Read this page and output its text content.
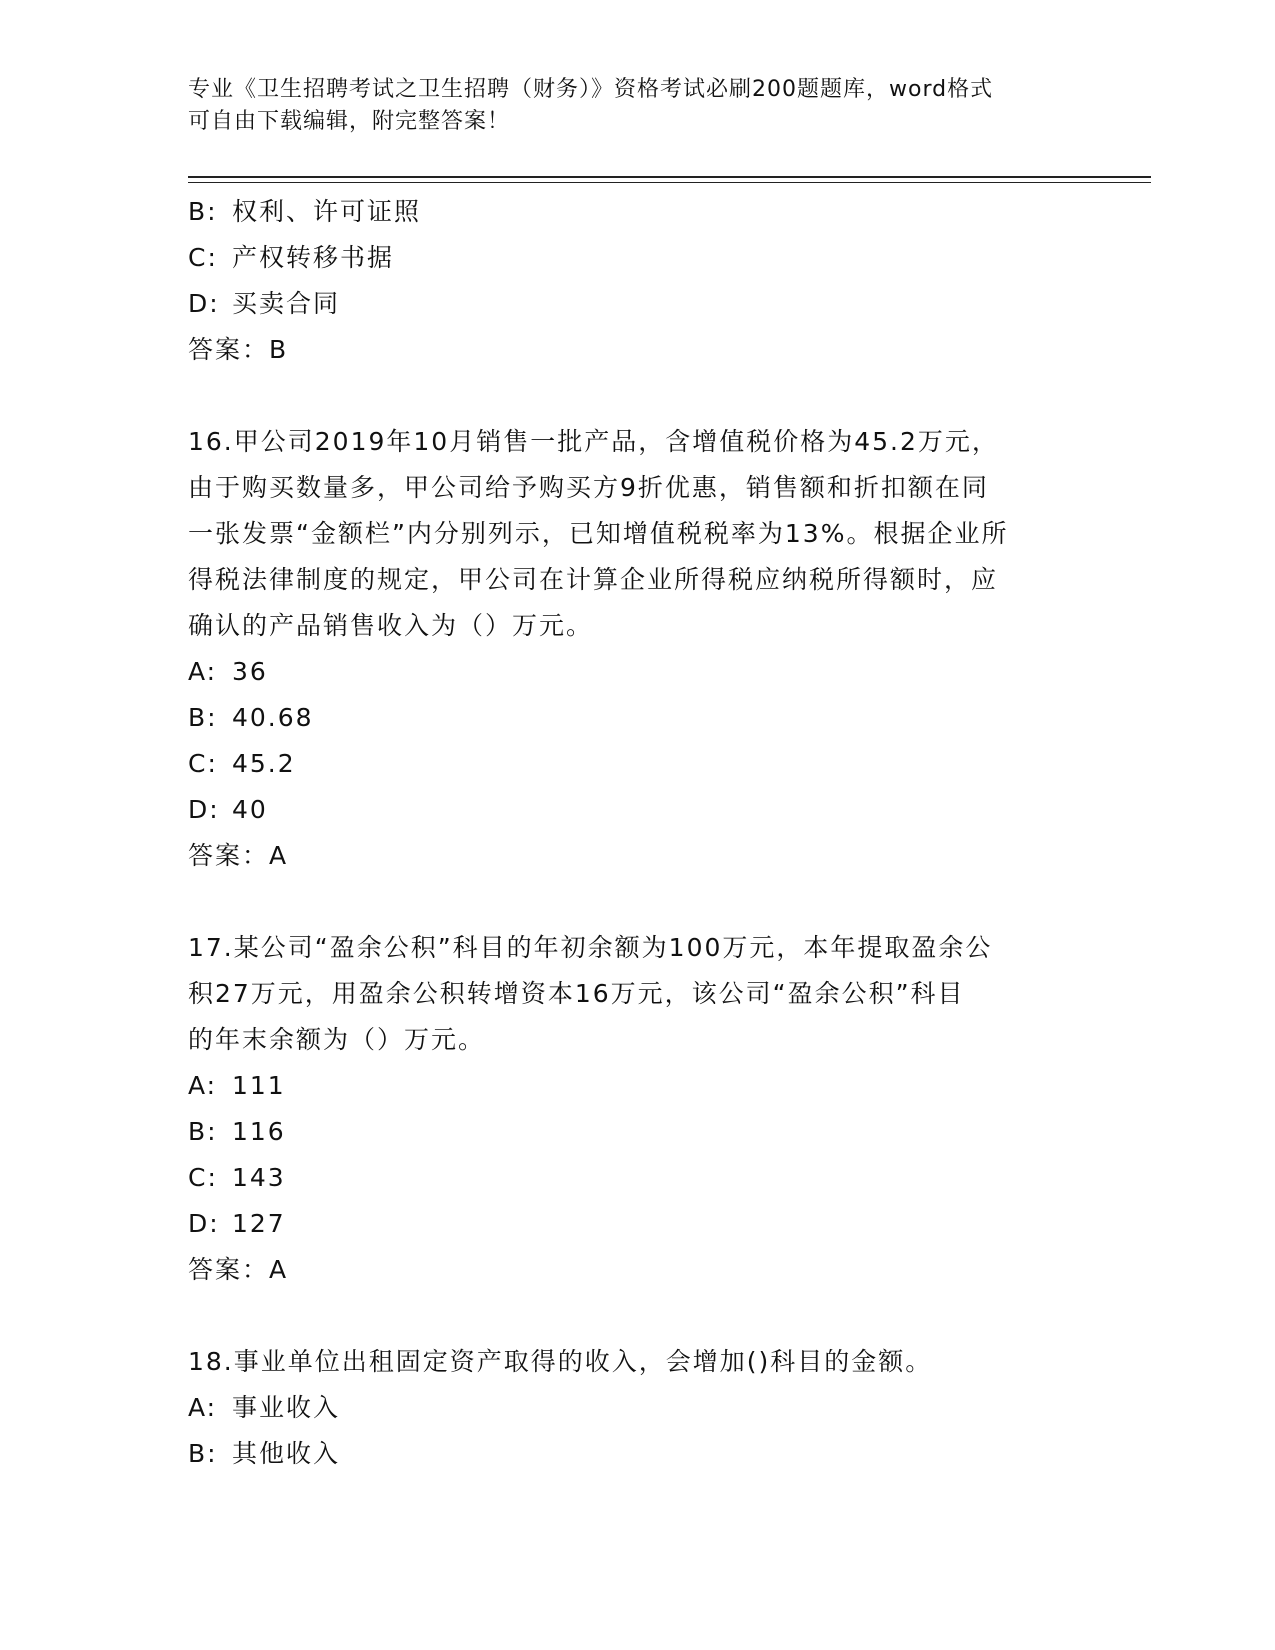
专业《卫生招聘考试之卫生招聘（财务）》资格考试必刷200题题库，word格式
可自由下载编辑，附完整答案！
B: 权利、许可证照
C: 产权转移书据
D: 买卖合同
答案：B
16.甲公司2019年10月销售一批产品，含增值税价格为45.2万元，
由于购买数量多，甲公司给予购买方9折优惠，销售额和折扣额在同
一张发票“金额栏”内分别列示，已知增值税税率为13%。根据企业所
得税法律制度的规定，甲公司在计算企业所得税应纳税所得额时，应
确认的产品销售收入为（）万元。
A: 36
B: 40.68
C: 45.2
D: 40
答案：A
17.某公司“盈余公积”科目的年初余额为100万元，本年提取盈余公
积27万元，用盈余公积转增资本16万元，该公司“盈余公积”科目
的年末余额为（）万元。
A: 111
B: 116
C: 143
D: 127
答案：A
18.事业单位出租固定资产取得的收入，会增加()科目的金额。
A: 事业收入
B: 其他收入
